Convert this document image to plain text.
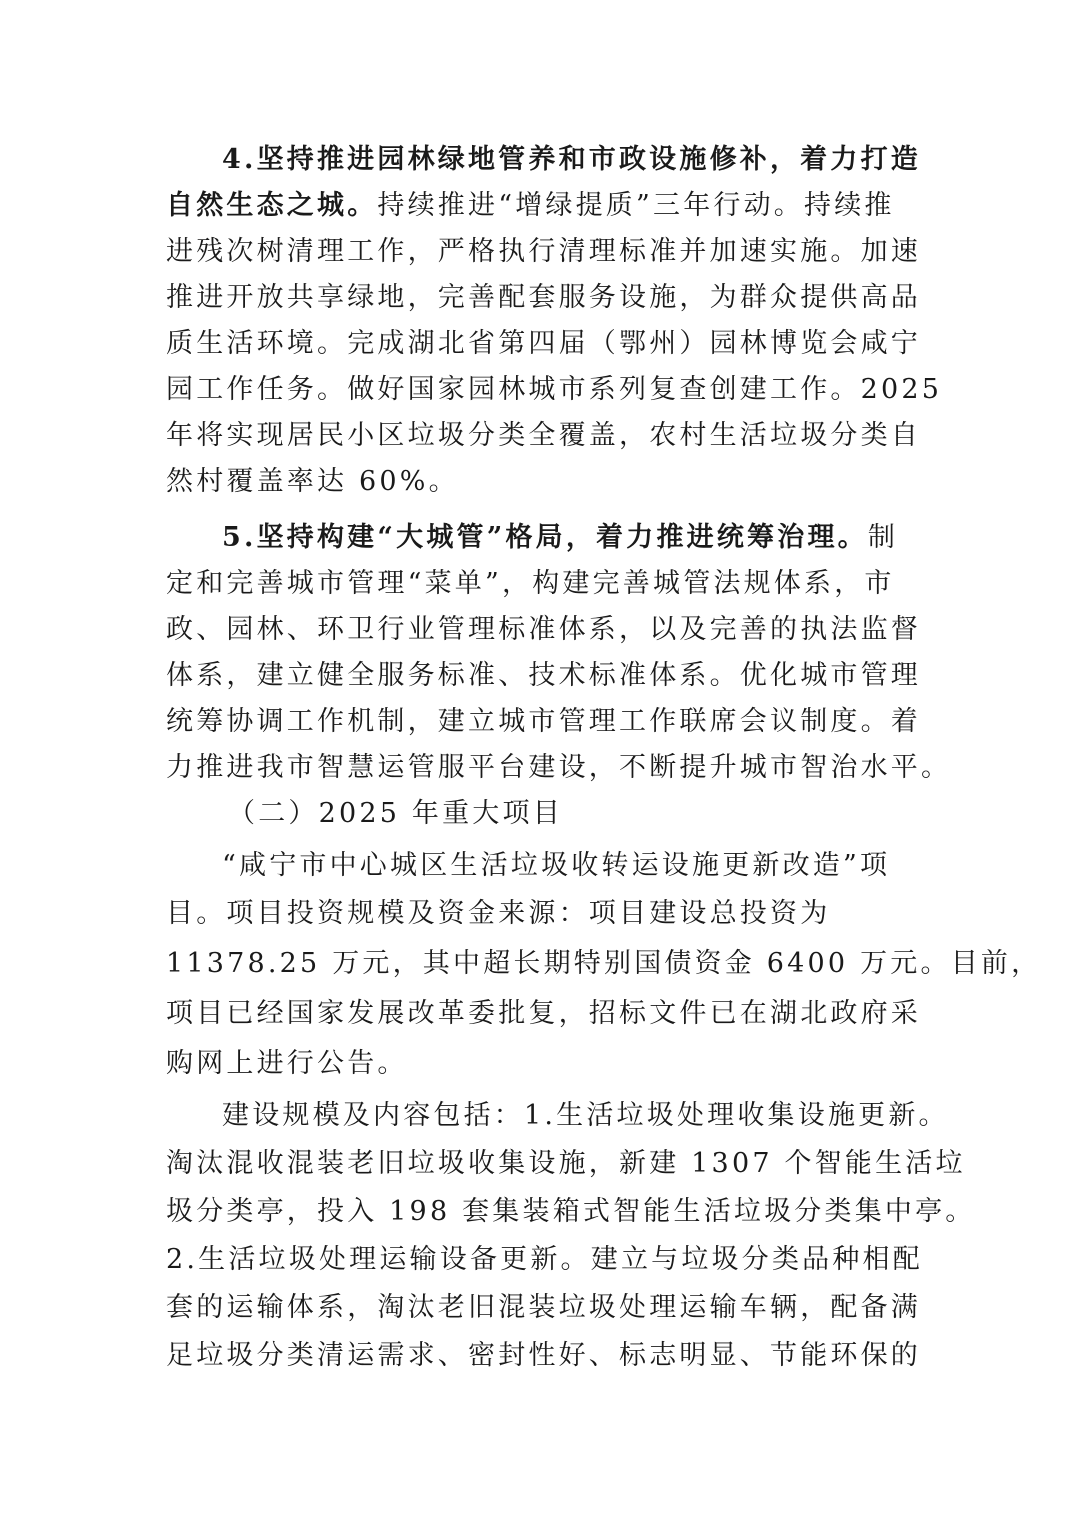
4.坚持推进园林绿地管养和市政设施修补，着力打造
自然生态之城。持续推进“增绿提质”三年行动。持续推
进残次树清理工作，严格执行清理标准并加速实施。加速
推进开放共享绿地，完善配套服务设施，为群众提供高品
质生活环境。完成湖北省第四届（鄂州）园林博览会咸宁
园工作任务。做好国家园林城市系列复查创建工作。2025
年将实现居民小区垃圾分类全覆盖，农村生活垃圾分类自
然村覆盖率达 60%。
5.坚持构建“大城管”格局，着力推进统筹治理。制
定和完善城市管理“菜单”，构建完善城管法规体系，市
政、园林、环卫行业管理标准体系，以及完善的执法监督
体系，建立健全服务标准、技术标准体系。优化城市管理
统筹协调工作机制，建立城市管理工作联席会议制度。着
力推进我市智慧运管服平台建设，不断提升城市智治水平。
（二）2025 年重大项目
“咸宁市中心城区生活垃圾收转运设施更新改造”项
目。项目投资规模及资金来源：项目建设总投资为
11378.25 万元，其中超长期特别国债资金 6400 万元。目前，
项目已经国家发展改革委批复，招标文件已在湖北政府采
购网上进行公告。
建设规模及内容包括：1.生活垃圾处理收集设施更新。
淘汰混收混装老旧垃圾收集设施，新建 1307 个智能生活垃
圾分类亭，投入 198 套集装箱式智能生活垃圾分类集中亭。
2.生活垃圾处理运输设备更新。建立与垃圾分类品种相配
套的运输体系，淘汰老旧混装垃圾处理运输车辆，配备满
足垃圾分类清运需求、密封性好、标志明显、节能环保的
